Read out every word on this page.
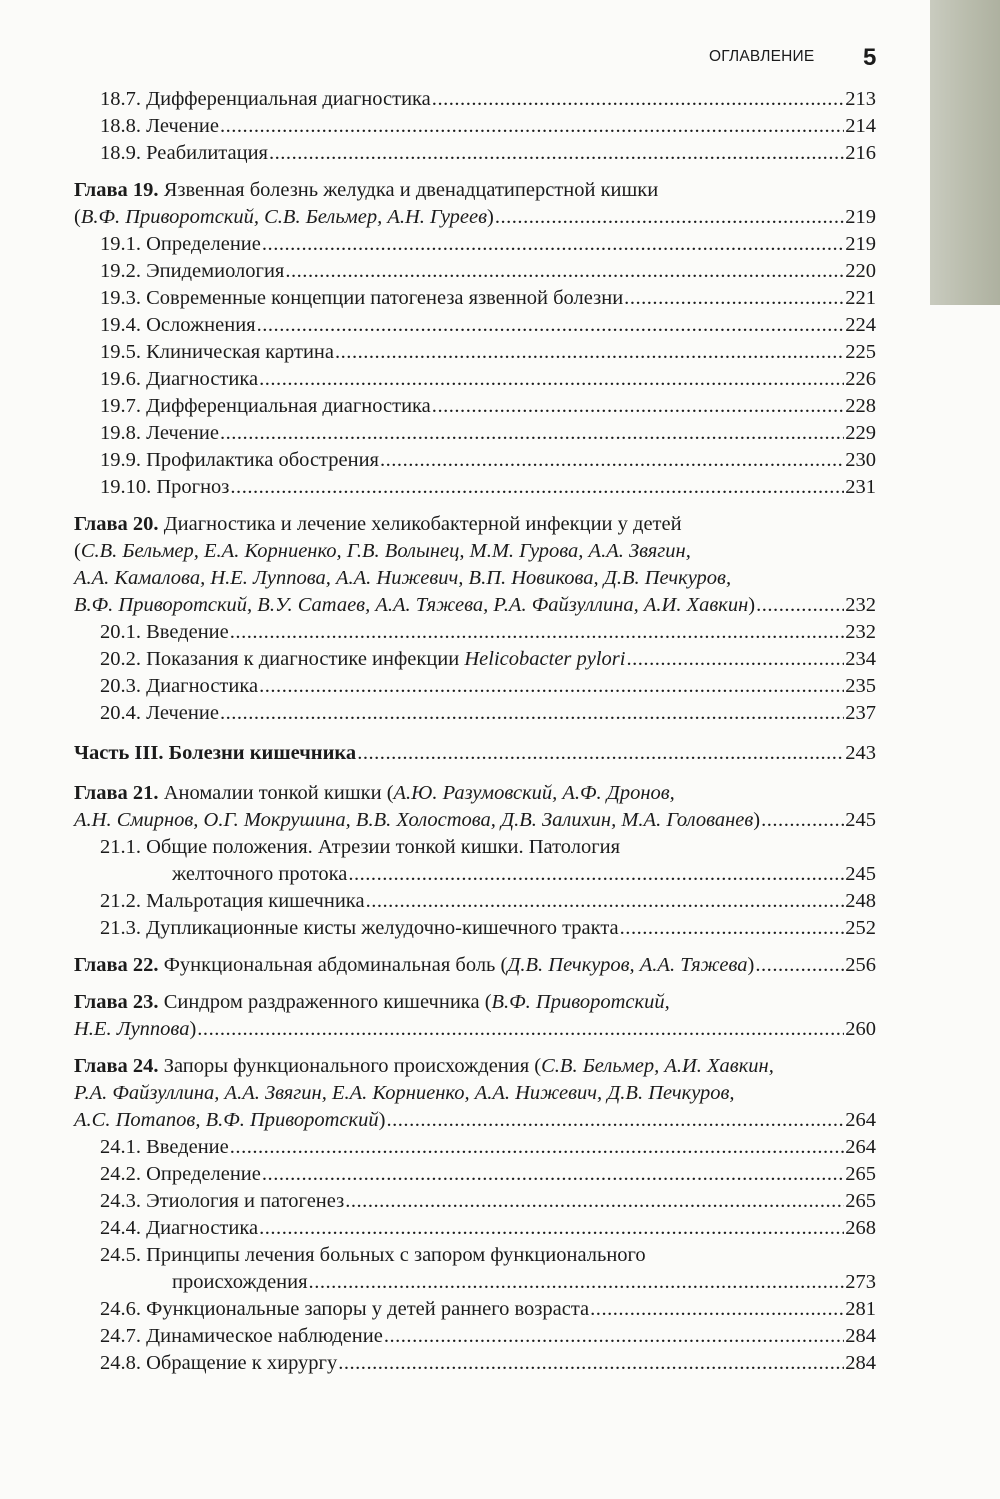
ОГЛАВЛЕНИЕ 5
18.7. Дифференциальная диагностика . . .	213
18.8. Лечение . . .	214
18.9. Реабилитация . . .	216
Глава 19. Язвенная болезнь желудка и двенадцатиперстной кишки
(В.Ф. Приворотский, С.В. Бельмер, А.Н. Гуреев) . . .	219
19.1. Определение . . .	219
19.2. Эпидемиология . . .	220
19.3. Современные концепции патогенеза язвенной болезни . . .	221
19.4. Осложнения . . .	224
19.5. Клиническая картина . . .	225
19.6. Диагностика . . .	226
19.7. Дифференциальная диагностика . . .	228
19.8. Лечение . . .	229
19.9. Профилактика обострения . . .	230
19.10. Прогноз . . .	231
Глава 20. Диагностика и лечение хеликобактерной инфекции у детей
(С.В. Бельмер, Е.А. Корниенко, Г.В. Волынец, М.М. Гурова, А.А. Звягин,
А.А. Камалова, Н.Е. Луппова, А.А. Нижевич, В.П. Новикова, Д.В. Печкуров,
В.Ф. Приворотский, В.У. Сатаев, А.А. Тяжева, Р.А. Файзуллина, А.И. Хавкин) . . .	232
20.1. Введение . . .	232
20.2. Показания к диагностике инфекции Helicobacter pylori . . .	234
20.3. Диагностика . . .	235
20.4. Лечение . . .	237
Часть III. Болезни кишечника . . .	243
Глава 21. Аномалии тонкой кишки (А.Ю. Разумовский, А.Ф. Дронов,
А.Н. Смирнов, О.Г. Мокрушина, В.В. Холостова, Д.В. Залихин, М.А. Голованев) . . .	245
21.1. Общие положения. Атрезии тонкой кишки. Патология
желточного протока . . .	245
21.2. Мальротация кишечника . . .	248
21.3. Дупликационные кисты желудочно-кишечного тракта . . .	252
Глава 22. Функциональная абдоминальная боль (Д.В. Печкуров, А.А. Тяжева) . . .	256
Глава 23. Синдром раздраженного кишечника (В.Ф. Приворотский,
Н.Е. Луппова) . . .	260
Глава 24. Запоры функционального происхождения (С.В. Бельмер, А.И. Хавкин,
Р.А. Файзуллина, А.А. Звягин, Е.А. Корниенко, А.А. Нижевич, Д.В. Печкуров,
А.С. Потапов, В.Ф. Приворотский) . . .	264
24.1. Введение . . .	264
24.2. Определение . . .	265
24.3. Этиология и патогенез . . .	265
24.4. Диагностика . . .	268
24.5. Принципы лечения больных с запором функционального
происхождения . . .	273
24.6. Функциональные запоры у детей раннего возраста . . .	281
24.7. Динамическое наблюдение . . .	284
24.8. Обращение к хирургу . . .	284
